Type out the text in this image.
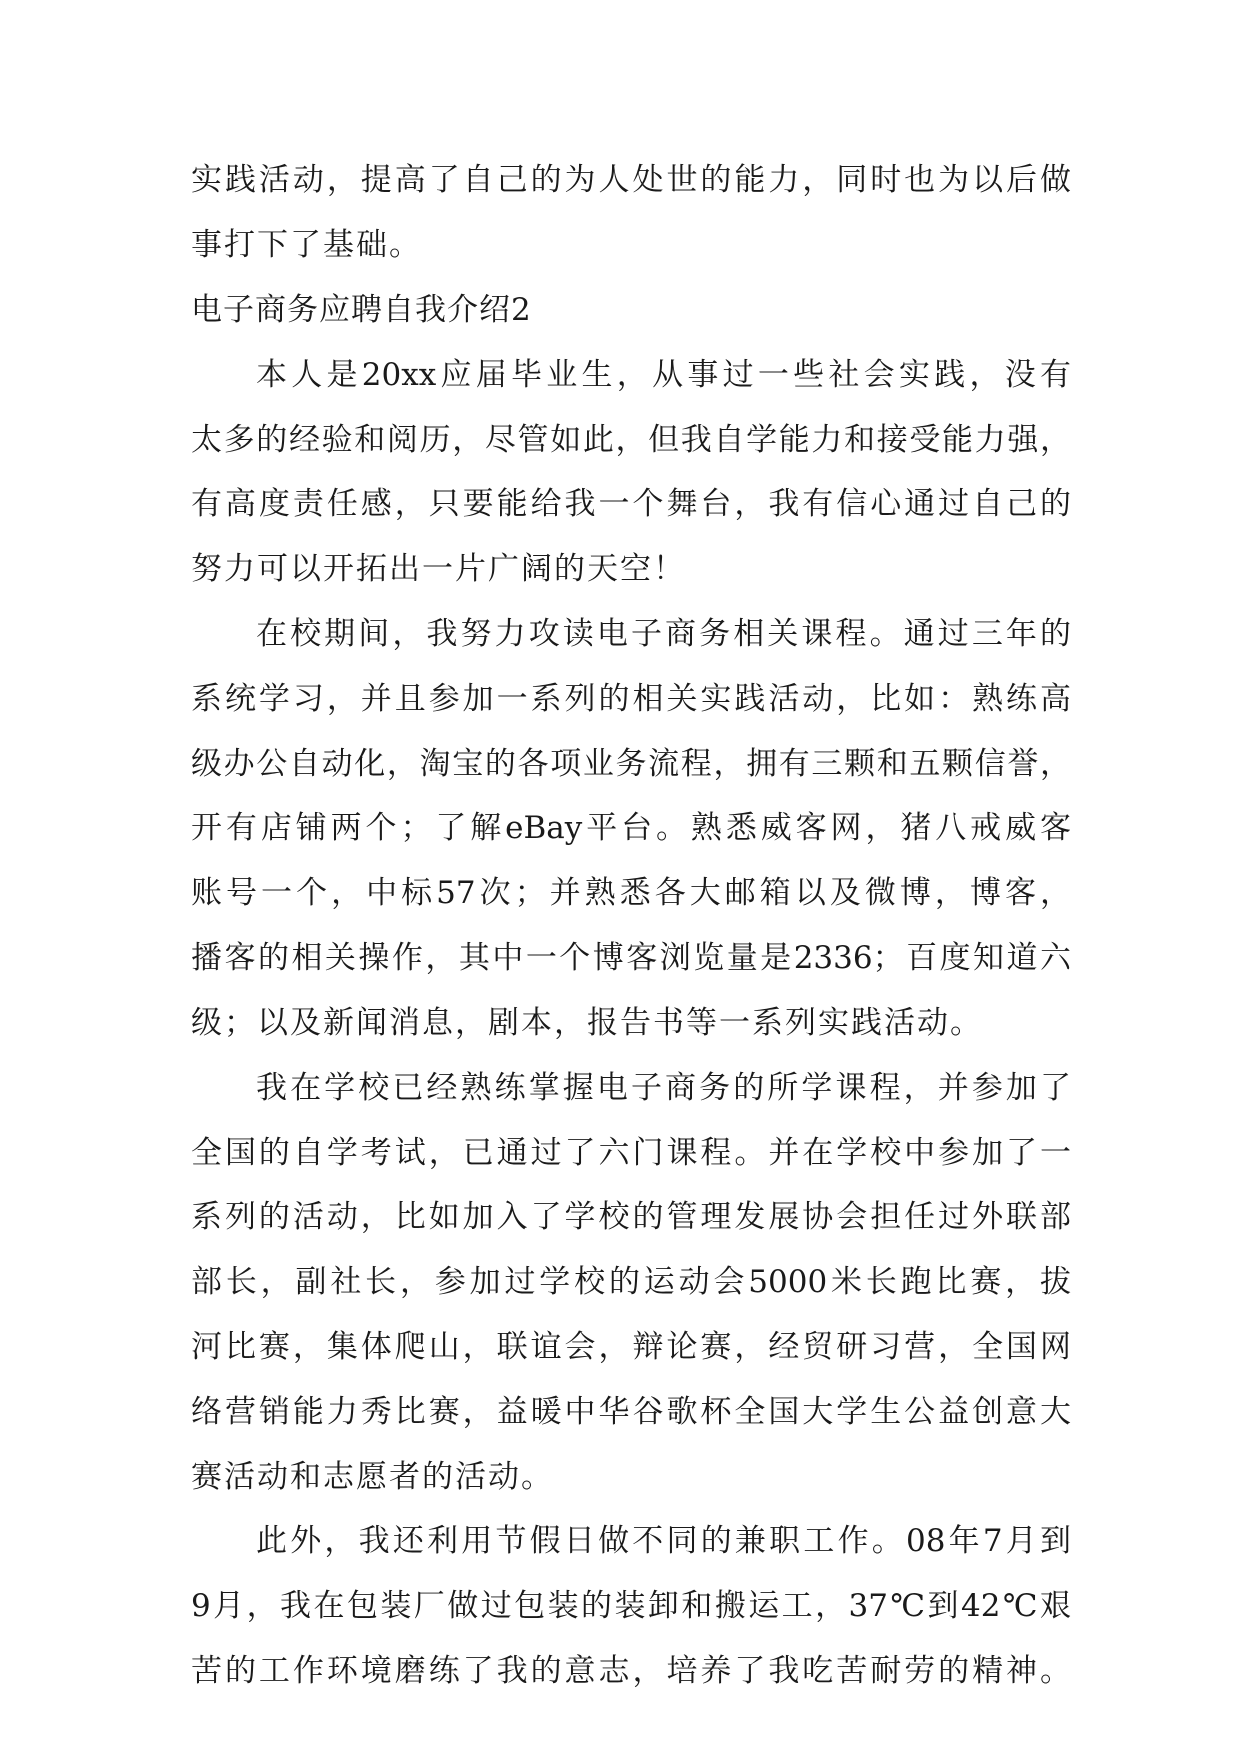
实践活动，提高了自己的为人处世的能力，同时也为以后做
事打下了基础。
电子商务应聘自我介绍2
本人是20xx应届毕业生，从事过一些社会实践，没有
太多的经验和阅历，尽管如此，但我自学能力和接受能力强，
有高度责任感，只要能给我一个舞台，我有信心通过自己的
努力可以开拓出一片广阔的天空！
在校期间，我努力攻读电子商务相关课程。通过三年的
系统学习，并且参加一系列的相关实践活动，比如：熟练高
级办公自动化，淘宝的各项业务流程，拥有三颗和五颗信誉，
开有店铺两个；了解eBay平台。熟悉威客网，猪八戒威客
账号一个，中标57次；并熟悉各大邮箱以及微博，博客，
播客的相关操作，其中一个博客浏览量是2336；百度知道六
级；以及新闻消息，剧本，报告书等一系列实践活动。
我在学校已经熟练掌握电子商务的所学课程，并参加了
全国的自学考试，已通过了六门课程。并在学校中参加了一
系列的活动，比如加入了学校的管理发展协会担任过外联部
部长，副社长，参加过学校的运动会5000米长跑比赛，拔
河比赛，集体爬山，联谊会，辩论赛，经贸研习营，全国网
络营销能力秀比赛，益暖中华谷歌杯全国大学生公益创意大
赛活动和志愿者的活动。
此外，我还利用节假日做不同的兼职工作。08年7月到
9月，我在包装厂做过包装的装卸和搬运工，37℃到42℃艰
苦的工作环境磨练了我的意志，培养了我吃苦耐劳的精神。
